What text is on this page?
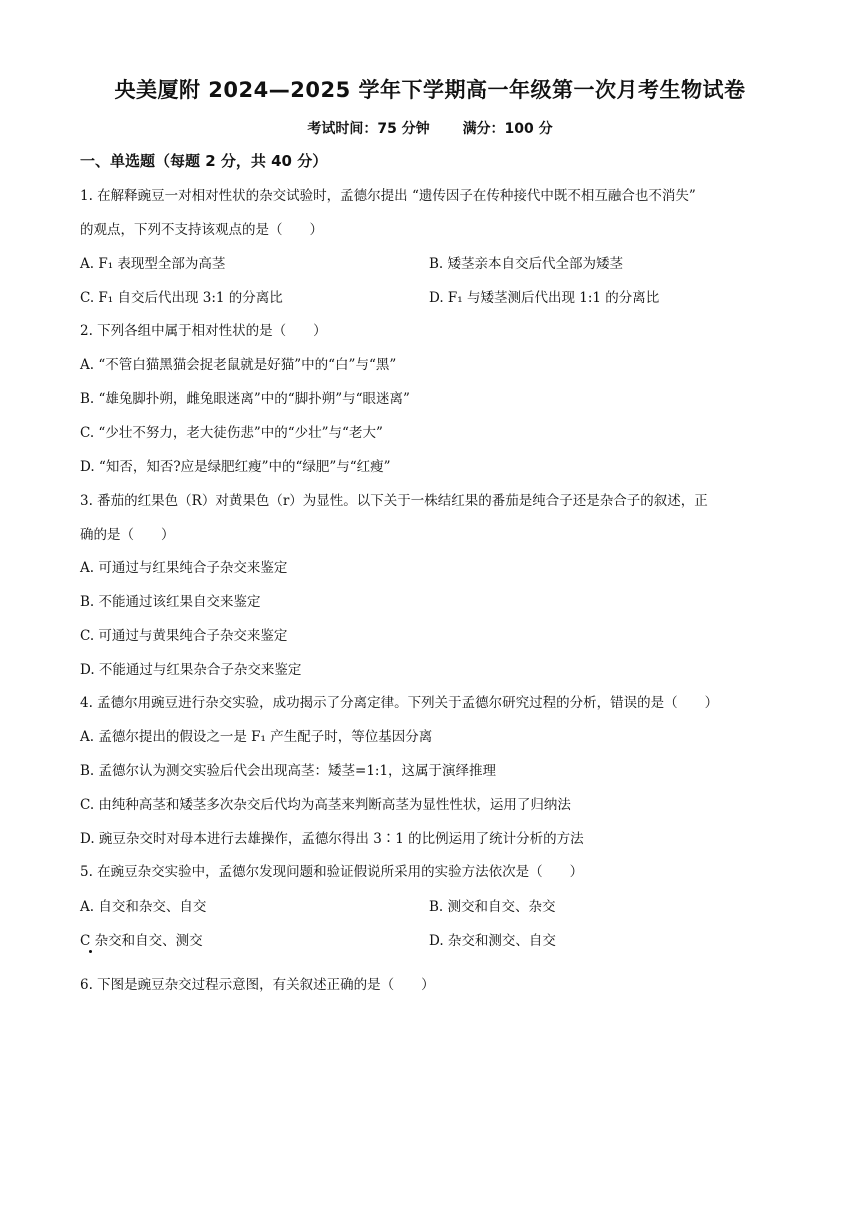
央美厦附 2024—2025 学年下学期高一年级第一次月考生物试卷
考试时间：75 分钟 满分：100 分
一、单选题（每题 2 分，共 40 分）
1. 在解释豌豆一对相对性状的杂交试验时，孟德尔提出 “遗传因子在传种接代中既不相互融合也不消失”
的观点，下列不支持该观点的是（　　）
A. F₁ 表现型全部为高茎	B. 矮茎亲本自交后代全部为矮茎
C. F₁ 自交后代出现 3:1 的分离比	D. F₁ 与矮茎测后代出现 1:1 的分离比
2. 下列各组中属于相对性状的是（　　）
A. “不管白猫黑猫会捉老鼠就是好猫”中的“白”与“黑”
B. “雄兔脚扑朔，雌兔眼迷离”中的“脚扑朔”与“眼迷离”
C. “少壮不努力，老大徒伤悲”中的“少壮”与“老大”
D. “知否，知否?应是绿肥红瘦”中的“绿肥”与“红瘦”
3. 番茄的红果色（R）对黄果色（r）为显性。以下关于一株结红果的番茄是纯合子还是杂合子的叙述，正
确的是（　　）
A. 可通过与红果纯合子杂交来鉴定
B. 不能通过该红果自交来鉴定
C. 可通过与黄果纯合子杂交来鉴定
D. 不能通过与红果杂合子杂交来鉴定
4. 孟德尔用豌豆进行杂交实验，成功揭示了分离定律。下列关于孟德尔研究过程的分析，错误的是（　　）
A. 孟德尔提出的假设之一是 F₁ 产生配子时，等位基因分离
B. 孟德尔认为测交实验后代会出现高茎：矮茎=1:1，这属于演绎推理
C. 由纯种高茎和矮茎多次杂交后代均为高茎来判断高茎为显性性状，运用了归纳法
D. 豌豆杂交时对母本进行去雄操作，孟德尔得出 3∶1 的比例运用了统计分析的方法
5. 在豌豆杂交实验中，孟德尔发现问题和验证假说所采用的实验方法依次是（　　）
A. 自交和杂交、自交	B. 测交和自交、杂交
C 杂交和自交、测交	D. 杂交和测交、自交
6. 下图是豌豆杂交过程示意图，有关叙述正确的是（　　）
